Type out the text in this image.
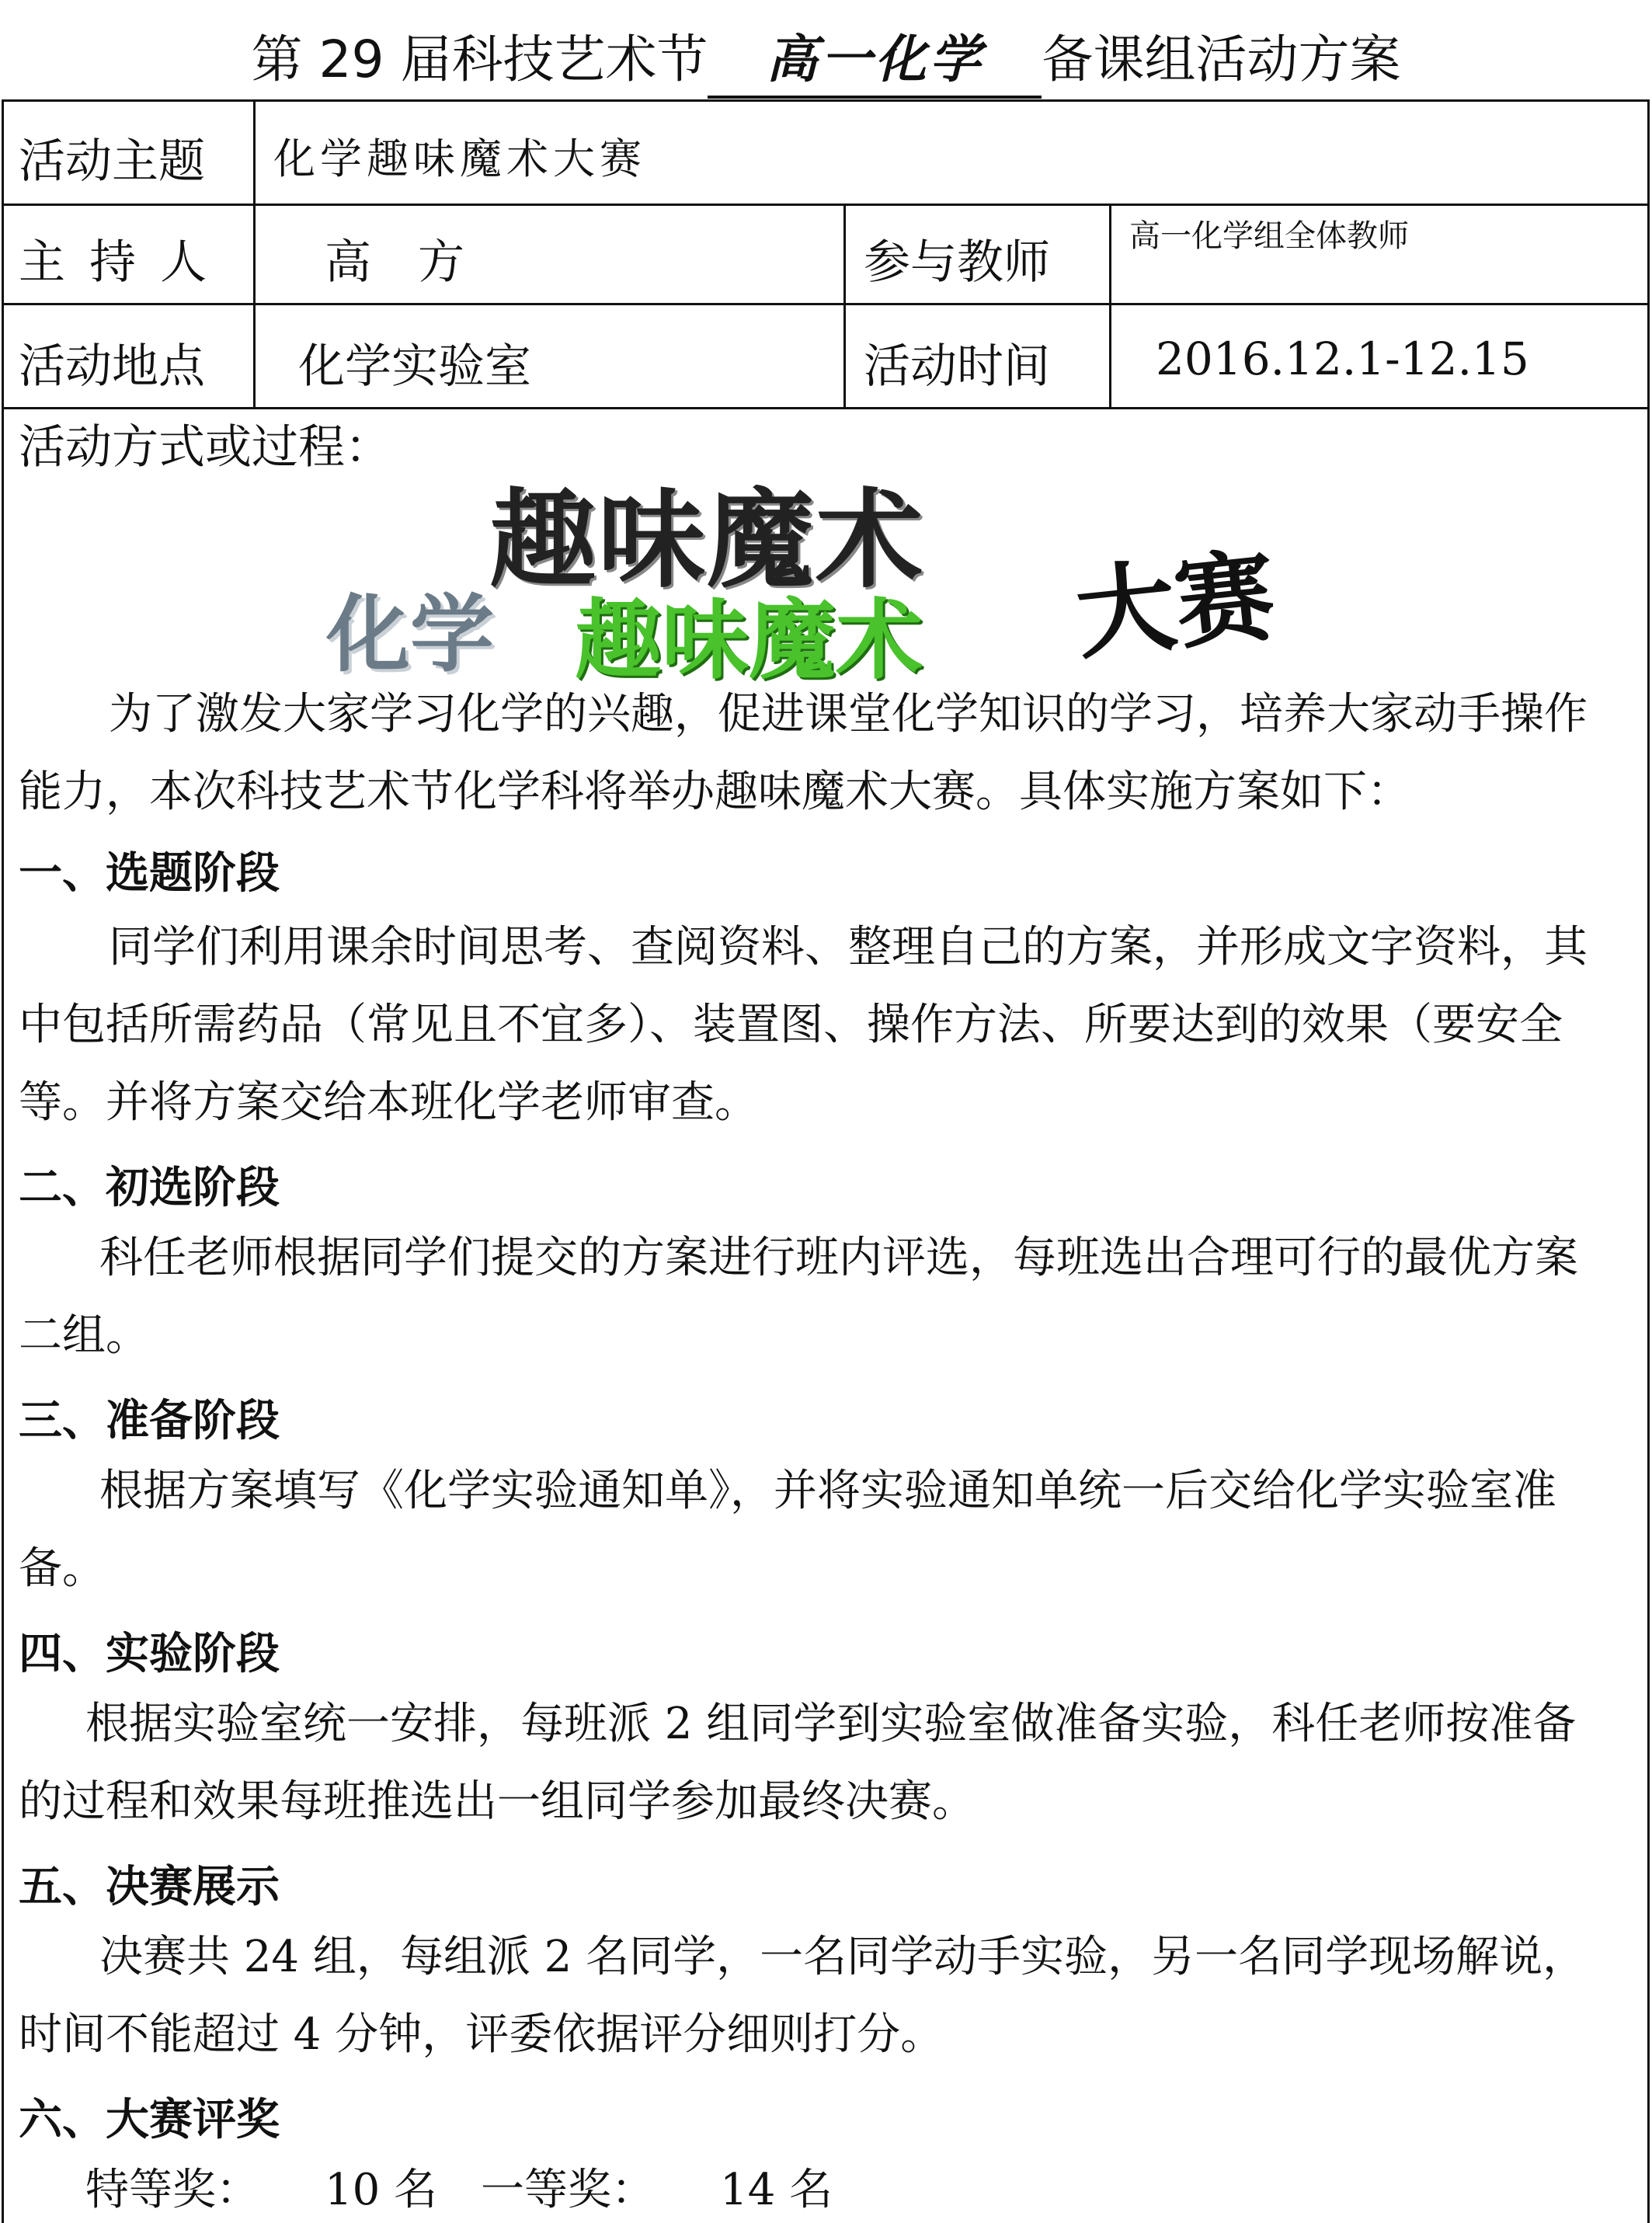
第 29 届科技艺术节 高一化学 备课组活动方案
活动主题 化学趣味魔术大赛
主 持 人 高　方	参与教师	高一化学组全体教师
活动地点 化学实验室	活动时间 2016.12.1-12.15
活动方式或过程：
趣味魔术
化学 趣味魔术 大赛
为了激发大家学习化学的兴趣，促进课堂化学知识的学习，培养大家动手操作
能力，本次科技艺术节化学科将举办趣味魔术大赛。具体实施方案如下：
一、选题阶段
同学们利用课余时间思考、查阅资料、整理自己的方案，并形成文字资料，其
中包括所需药品（常见且不宜多）、装置图、操作方法、所要达到的效果（要安全
等。并将方案交给本班化学老师审查。
二、初选阶段
科任老师根据同学们提交的方案进行班内评选，每班选出合理可行的最优方案
二组。
三、准备阶段
根据方案填写《化学实验通知单》，并将实验通知单统一后交给化学实验室准
备。
四、实验阶段
根据实验室统一安排，每班派 2 组同学到实验室做准备实验，科任老师按准备
的过程和效果每班推选出一组同学参加最终决赛。
五、决赛展示
决赛共 24 组，每组派 2 名同学，一名同学动手实验，另一名同学现场解说，
时间不能超过 4 分钟，评委依据评分细则打分。
六、大赛评奖
特等奖：　　10 名　一等奖：　　14 名
